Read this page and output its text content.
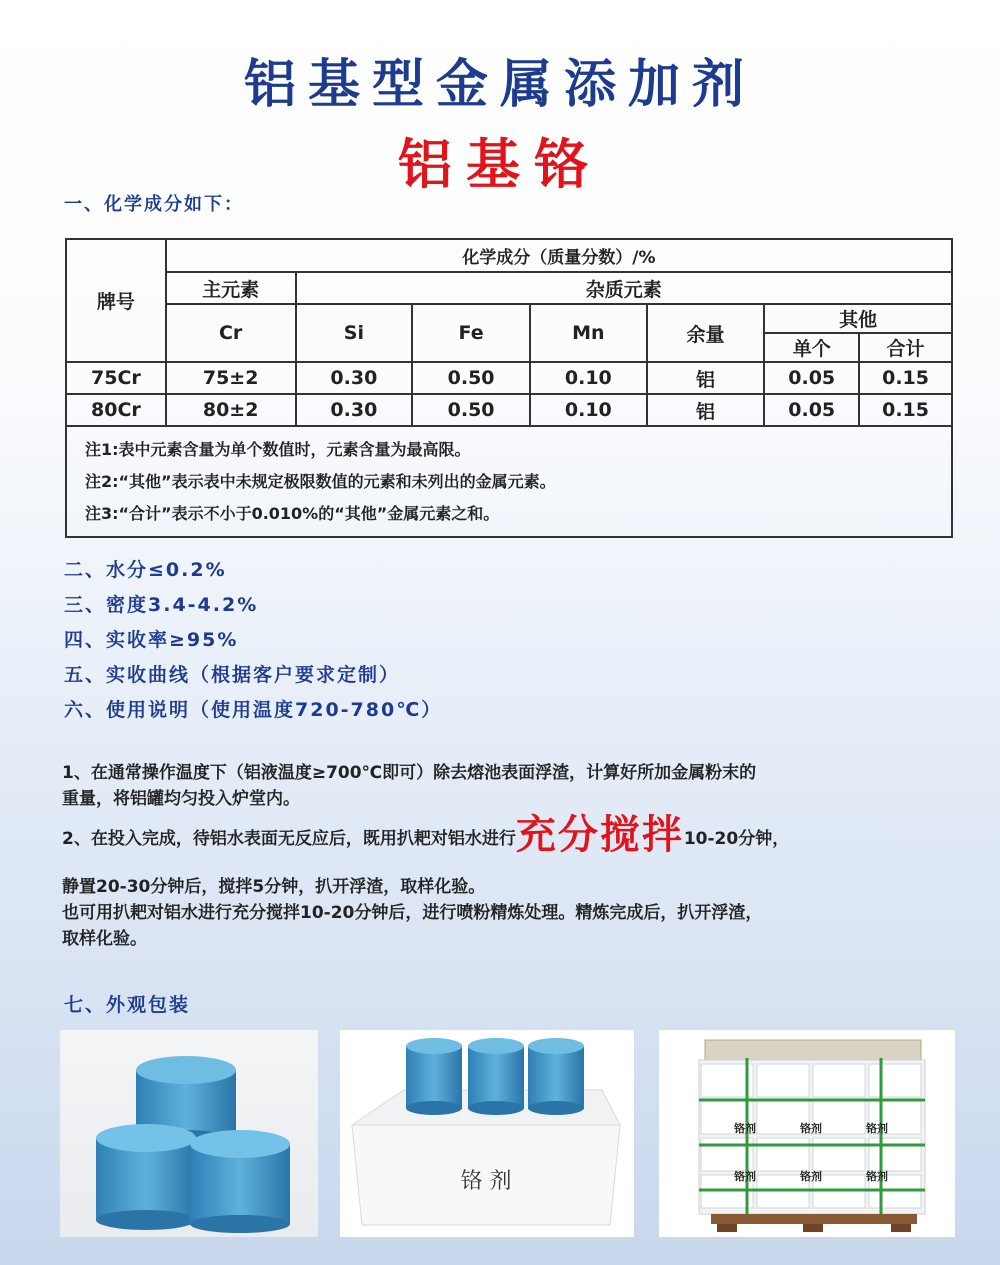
铝基型金属添加剂
铝基铬
一、化学成分如下：
牌号	化学成分（质量分数）/%						
	主元素	杂质元素					
	Cr	Si	Fe	Mn	余量	其他	
						单个	合计
75Cr	75±2	0.30	0.50	0.10	铝	0.05	0.15
80Cr	80±2	0.30	0.50	0.10	铝	0.05	0.15

注1:表中元素含量为单个数值时，元素含量为最高限。
注2:“其他”表示表中未规定极限数值的元素和未列出的金属元素。
注3:“合计”表示不小于0.010%的“其他”金属元素之和。							
二、水分≤0.2%
三、密度3.4-4.2%
四、实收率≥95%
五、实收曲线（根据客户要求定制）
六、使用说明（使用温度720-780℃）
1、在通常操作温度下（铝液温度≥700℃即可）除去熔池表面浮渣，计算好所加金属粉末的
重量，将铝罐均匀投入炉堂内。
2、在投入完成，待铝水表面无反应后，既用扒耙对铝水进行充分搅拌10-20分钟，
静置20-30分钟后，搅拌5分钟，扒开浮渣，取样化验。
也可用扒耙对铝水进行充分搅拌10-20分钟后，进行喷粉精炼处理。精炼完成后，扒开浮渣，
取样化验。
七、外观包装
铬 剂
铬剂	铬剂	铬剂
铬剂	铬剂	铬剂
